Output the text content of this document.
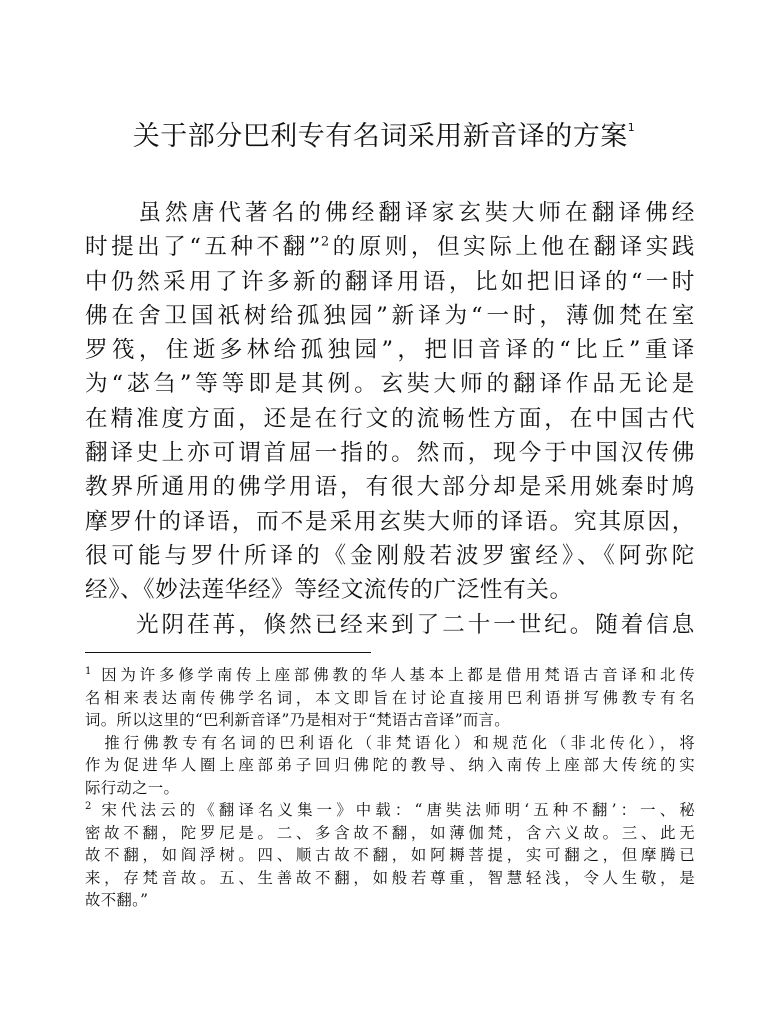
关于部分巴利专有名词采用新音译的方案$^1$
　　虽然唐代著名的佛经翻译家玄奘大师在翻译佛经
时提出了“五种不翻”$^2$的原则，但实际上他在翻译实践
中仍然采用了许多新的翻译用语，比如把旧译的“一时
佛在舍卫国祇树给孤独园”新译为“一时，薄伽梵在室
罗筏，住逝多林给孤独园”，把旧音译的“比丘”重译
为“苾刍”等等即是其例。玄奘大师的翻译作品无论是
在精准度方面，还是在行文的流畅性方面，在中国古代
翻译史上亦可谓首屈一指的。然而，现今于中国汉传佛
教界所通用的佛学用语，有很大部分却是采用姚秦时鸠
摩罗什的译语，而不是采用玄奘大师的译语。究其原因，
很可能与罗什所译的《金刚般若波罗蜜经》、《阿弥陀
经》、《妙法莲华经》等经文流传的广泛性有关。
　　光阴荏苒，倏然已经来到了二十一世纪。随着信息
$^1$ 因为许多修学南传上座部佛教的华人基本上都是借用梵语古音译和北传
名相来表达南传佛学名词，本文即旨在讨论直接用巴利语拼写佛教专有名
词。所以这里的“巴利新音译”乃是相对于“梵语古音译”而言。
　推行佛教专有名词的巴利语化（非梵语化）和规范化（非北传化），将
作为促进华人圈上座部弟子回归佛陀的教导、纳入南传上座部大传统的实
际行动之一。
$^2$ 宋代法云的《翻译名义集一》中载：“唐奘法师明‘五种不翻’：一、秘
密故不翻，陀罗尼是。二、多含故不翻，如薄伽梵，含六义故。三、此无
故不翻，如阎浮树。四、顺古故不翻，如阿耨菩提，实可翻之，但摩腾已
来，存梵音故。五、生善故不翻，如般若尊重，智慧轻浅，令人生敬，是
故不翻。”
